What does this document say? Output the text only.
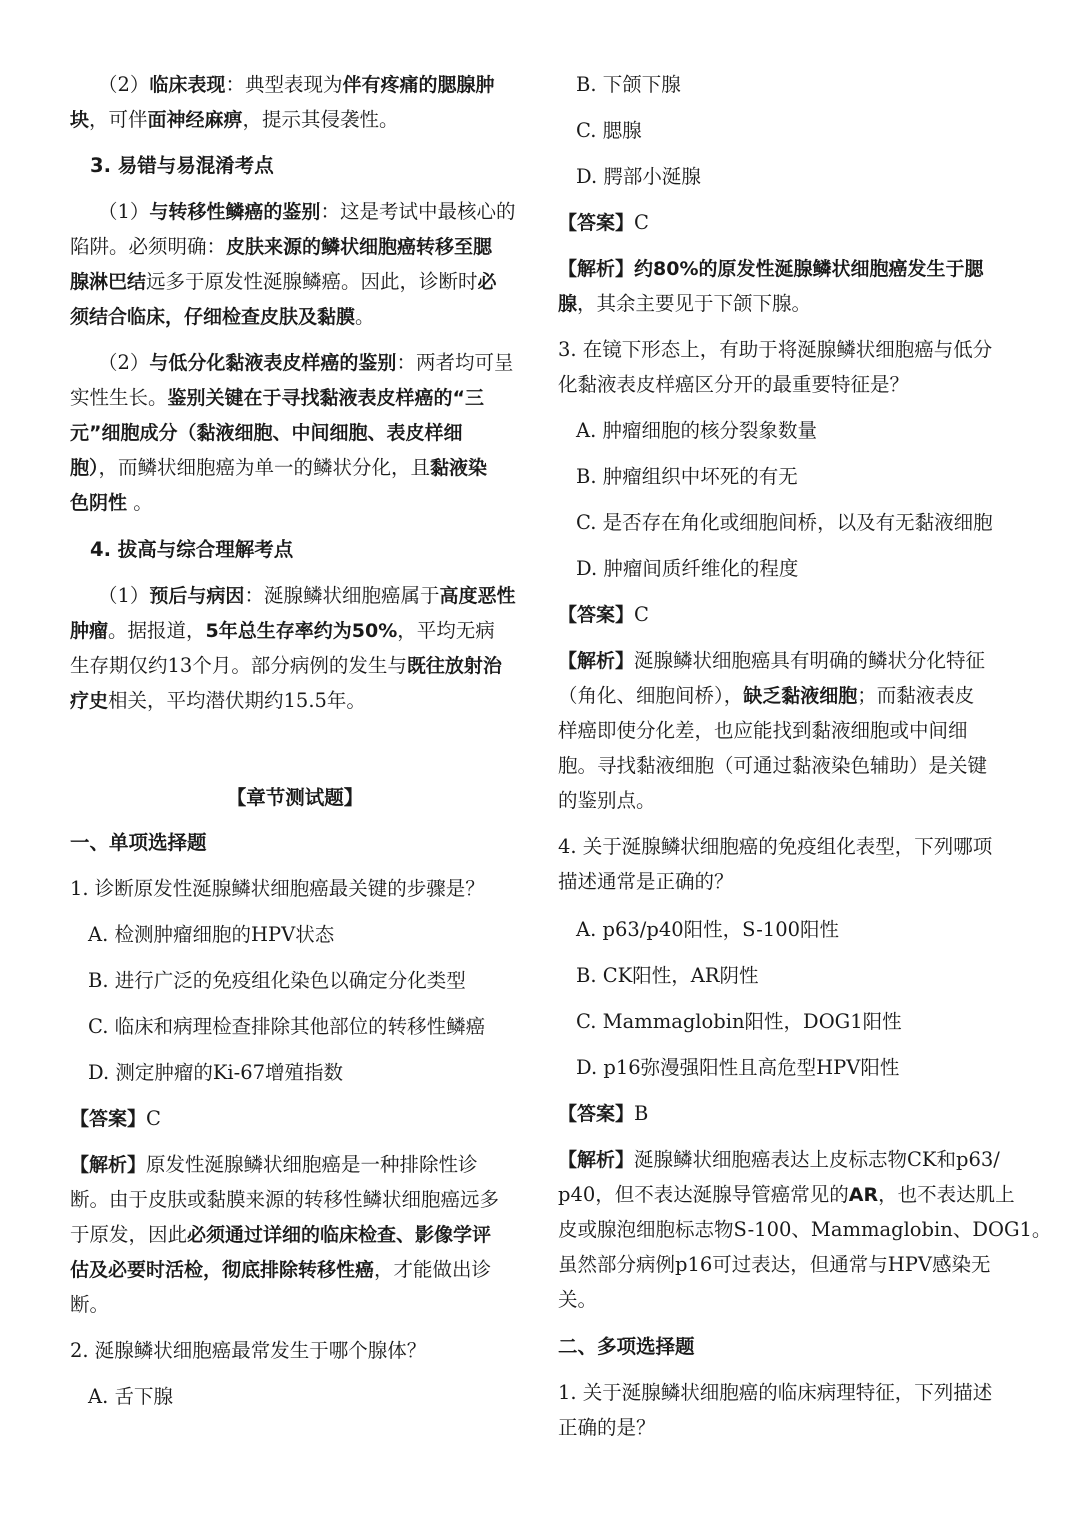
（2）临床表现：典型表现为伴有疼痛的腮腺肿
块，可伴面神经麻痹，提示其侵袭性。
3. 易错与易混淆考点
（1）与转移性鳞癌的鉴别：这是考试中最核心的
陷阱。必须明确：皮肤来源的鳞状细胞癌转移至腮
腺淋巴结远多于原发性涎腺鳞癌。因此，诊断时必
须结合临床，仔细检查皮肤及黏膜。
（2）与低分化黏液表皮样癌的鉴别：两者均可呈
实性生长。鉴别关键在于寻找黏液表皮样癌的“三
元”细胞成分（黏液细胞、中间细胞、表皮样细
胞），而鳞状细胞癌为单一的鳞状分化，且黏液染
色阴性 。
4. 拔高与综合理解考点
（1）预后与病因：涎腺鳞状细胞癌属于高度恶性
肿瘤。据报道，5年总生存率约为50%，平均无病
生存期仅约13个月。部分病例的发生与既往放射治
疗史相关，平均潜伏期约15.5年。
【章节测试题】
一、单项选择题
1. 诊断原发性涎腺鳞状细胞癌最关键的步骤是？
A. 检测肿瘤细胞的HPV状态
B. 进行广泛的免疫组化染色以确定分化类型
C. 临床和病理检查排除其他部位的转移性鳞癌
D. 测定肿瘤的Ki-67增殖指数
【答案】C
【解析】原发性涎腺鳞状细胞癌是一种排除性诊
断。由于皮肤或黏膜来源的转移性鳞状细胞癌远多
于原发，因此必须通过详细的临床检查、影像学评
估及必要时活检，彻底排除转移性癌，才能做出诊
断。
2. 涎腺鳞状细胞癌最常发生于哪个腺体？
A. 舌下腺
B. 下颌下腺
C. 腮腺
D. 腭部小涎腺
【答案】C
【解析】约80%的原发性涎腺鳞状细胞癌发生于腮
腺，其余主要见于下颌下腺。
3. 在镜下形态上，有助于将涎腺鳞状细胞癌与低分
化黏液表皮样癌区分开的最重要特征是？
A. 肿瘤细胞的核分裂象数量
B. 肿瘤组织中坏死的有无
C. 是否存在角化或细胞间桥，以及有无黏液细胞
D. 肿瘤间质纤维化的程度
【答案】C
【解析】涎腺鳞状细胞癌具有明确的鳞状分化特征
（角化、细胞间桥），缺乏黏液细胞；而黏液表皮
样癌即使分化差，也应能找到黏液细胞或中间细
胞。寻找黏液细胞（可通过黏液染色辅助）是关键
的鉴别点。
4. 关于涎腺鳞状细胞癌的免疫组化表型，下列哪项
描述通常是正确的？
A. p63/p40阳性，S-100阳性
B. CK阳性，AR阴性
C. Mammaglobin阳性，DOG1阳性
D. p16弥漫强阳性且高危型HPV阳性
【答案】B
【解析】涎腺鳞状细胞癌表达上皮标志物CK和p63/
p40，但不表达涎腺导管癌常见的AR，也不表达肌上
皮或腺泡细胞标志物S-100、Mammaglobin、DOG1。
虽然部分病例p16可过表达，但通常与HPV感染无
关。
二、多项选择题
1. 关于涎腺鳞状细胞癌的临床病理特征，下列描述
正确的是？
